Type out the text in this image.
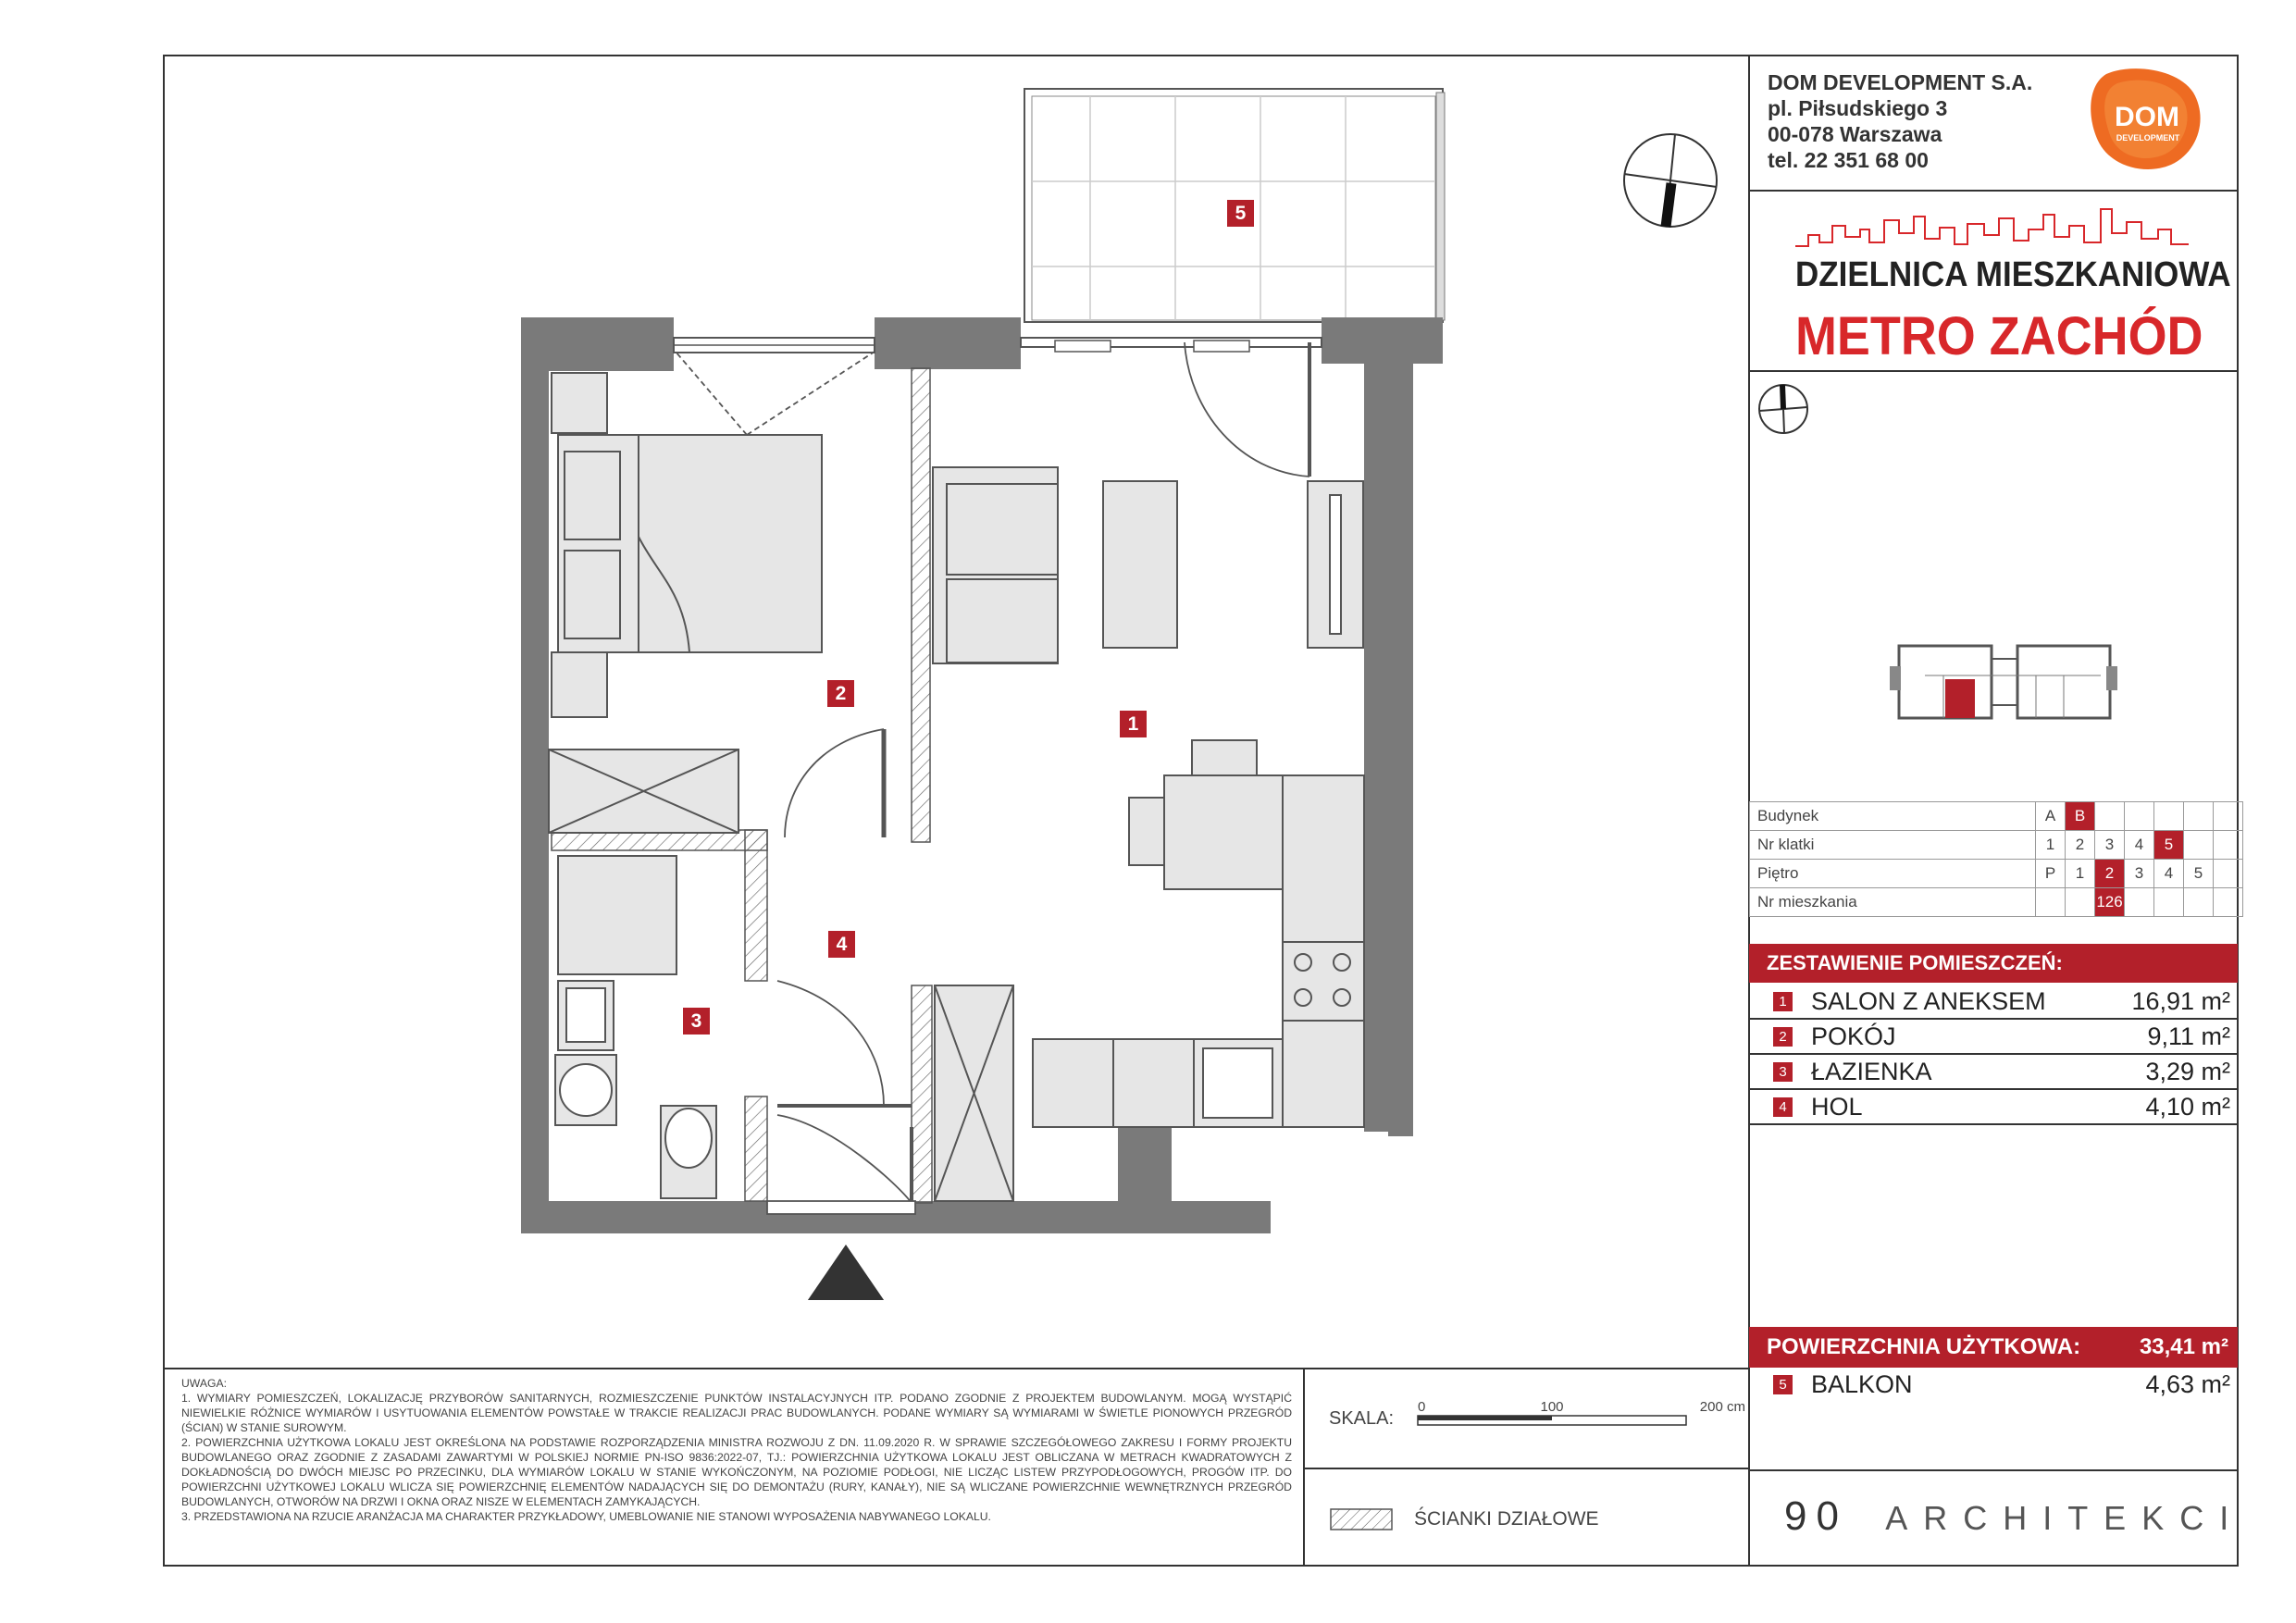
DOM DEVELOPMENT S.A.
pl. Piłsudskiego 3
00-078 Warszawa
tel. 22 351 68 00
DOM
DEVELOPMENT
DZIELNICA MIESZKANIOWA
METRO ZACHÓD
Budynek	A	B					
Nr klatki	1	2	3	4	5		
Piętro	P	1	2	3	4	5	
Nr mieszkania			126				
ZESTAWIENIE POMIESZCZEŃ:
1 SALON Z ANEKSEM	16,91 m²
2 POKÓJ	9,11 m²
3 ŁAZIENKA	3,29 m²
4 HOL	4,10 m²
POWIERZCHNIA UŻYTKOWA:	33,41 m²
5 BALKON	4,63 m²
UWAGA:
1. WYMIARY POMIESZCZEŃ, LOKALIZACJĘ PRZYBORÓW SANITARNYCH, ROZMIESZCZENIE PUNKTÓW INSTALACYJNYCH ITP. PODANO ZGODNIE Z PROJEKTEM BUDOWLANYM. MOGĄ WYSTĄPIĆ NIEWIELKIE RÓŻNICE WYMIARÓW I USYTUOWANIA ELEMENTÓW POWSTAŁE W TRAKCIE REALIZACJI PRAC BUDOWLANYCH. PODANE WYMIARY SĄ WYMIARAMI W ŚWIETLE PIONOWYCH PRZEGRÓD (ŚCIAN) W STANIE SUROWYM.
2. POWIERZCHNIA UŻYTKOWA LOKALU JEST OKREŚLONA NA PODSTAWIE ROZPORZĄDZENIA MINISTRA ROZWOJU Z DN. 11.09.2020 R. W SPRAWIE SZCZEGÓŁOWEGO ZAKRESU I FORMY PROJEKTU BUDOWLANEGO ORAZ ZGODNIE Z ZASADAMI ZAWARTYMI W POLSKIEJ NORMIE PN-ISO 9836:2022-07, TJ.: POWIERZCHNIA UŻYTKOWA LOKALU JEST OBLICZANA W METRACH KWADRATOWYCH Z DOKŁADNOŚCIĄ DO DWÓCH MIEJSC PO PRZECINKU, DLA WYMIARÓW LOKALU W STANIE WYKOŃCZONYM, NA POZIOMIE PODŁOGI, NIE LICZĄC LISTEW PRZYPODŁOGOWYCH, PROGÓW ITP. DO POWIERZCHNI UŻYTKOWEJ LOKALU WLICZA SIĘ POWIERZCHNIĘ ELEMENTÓW NADAJĄCYCH SIĘ DO DEMONTAŻU (RURY, KANAŁY), NIE SĄ WLICZANE POWIERZCHNIE WEWNĘTRZNYCH PRZEGRÓD BUDOWLANYCH, OTWORÓW NA DRZWI I OKNA ORAZ NISZE W ELEMENTACH ZAMYKAJĄCYCH.
3. PRZEDSTAWIONA NA RZUCIE ARANŻACJA MA CHARAKTER PRZYKŁADOWY, UMEBLOWANIE NIE STANOWI WYPOSAŻENIA NABYWANEGO LOKALU.
SKALA:
0	100	200 cm
ŚCIANKI DZIAŁOWE	90 ARCHITEKCI
1
2
3
4
5
